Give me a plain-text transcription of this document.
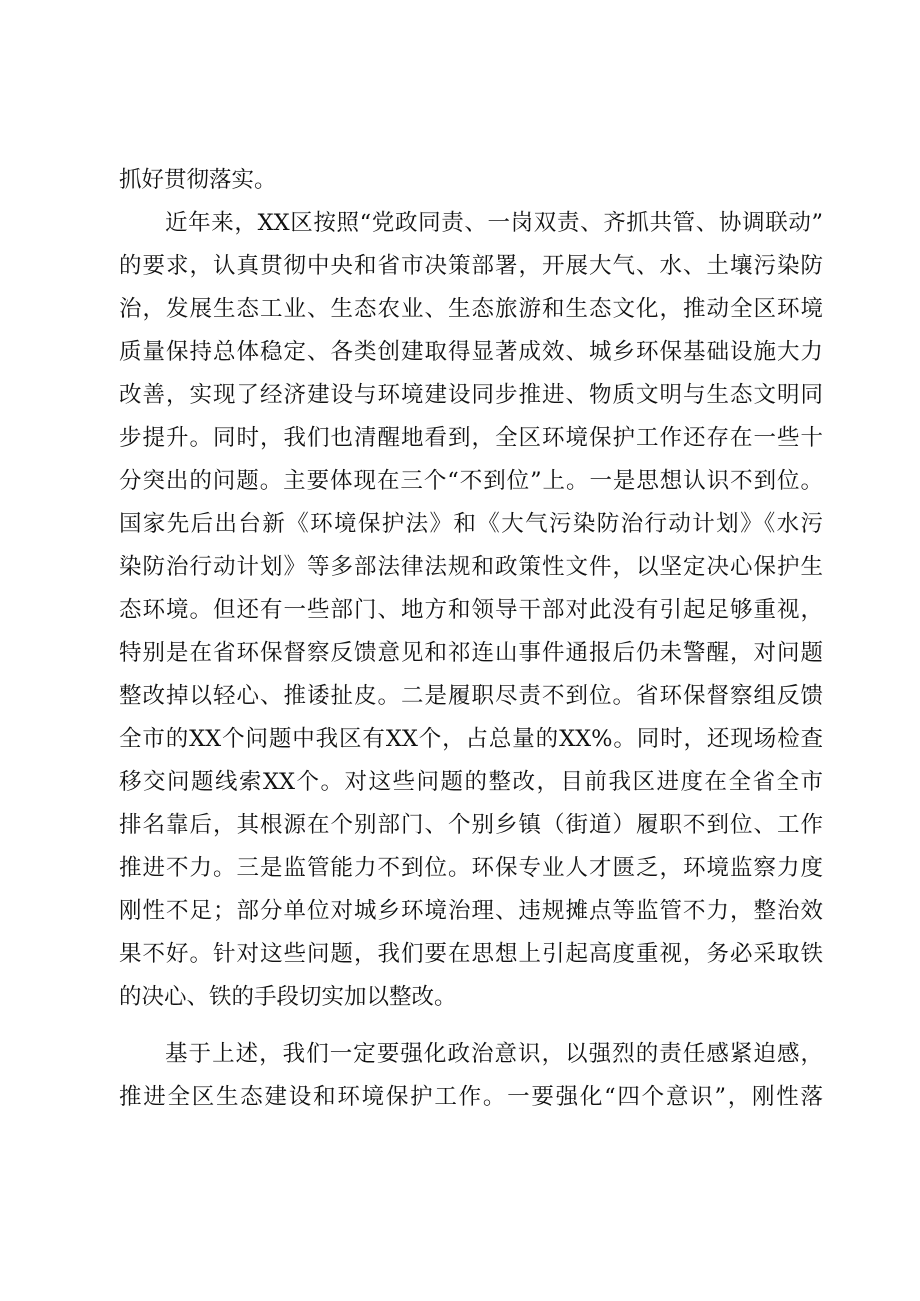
抓好贯彻落实。
近年来，XX区按照“党政同责、一岗双责、齐抓共管、协调联动”
的要求，认真贯彻中央和省市决策部署，开展大气、水、土壤污染防
治，发展生态工业、生态农业、生态旅游和生态文化，推动全区环境
质量保持总体稳定、各类创建取得显著成效、城乡环保基础设施大力
改善，实现了经济建设与环境建设同步推进、物质文明与生态文明同
步提升。同时，我们也清醒地看到，全区环境保护工作还存在一些十
分突出的问题。主要体现在三个“不到位”上。一是思想认识不到位。
国家先后出台新《环境保护法》和《大气污染防治行动计划》《水污
染防治行动计划》等多部法律法规和政策性文件，以坚定决心保护生
态环境。但还有一些部门、地方和领导干部对此没有引起足够重视，
特别是在省环保督察反馈意见和祁连山事件通报后仍未警醒，对问题
整改掉以轻心、推诿扯皮。二是履职尽责不到位。省环保督察组反馈
全市的XX个问题中我区有XX个，占总量的XX%。同时，还现场检查
移交问题线索XX个。对这些问题的整改，目前我区进度在全省全市
排名靠后，其根源在个别部门、个别乡镇（街道）履职不到位、工作
推进不力。三是监管能力不到位。环保专业人才匮乏，环境监察力度
刚性不足；部分单位对城乡环境治理、违规摊点等监管不力，整治效
果不好。针对这些问题，我们要在思想上引起高度重视，务必采取铁
的决心、铁的手段切实加以整改。
基于上述，我们一定要强化政治意识，以强烈的责任感紧迫感，
推进全区生态建设和环境保护工作。一要强化“四个意识”，刚性落
